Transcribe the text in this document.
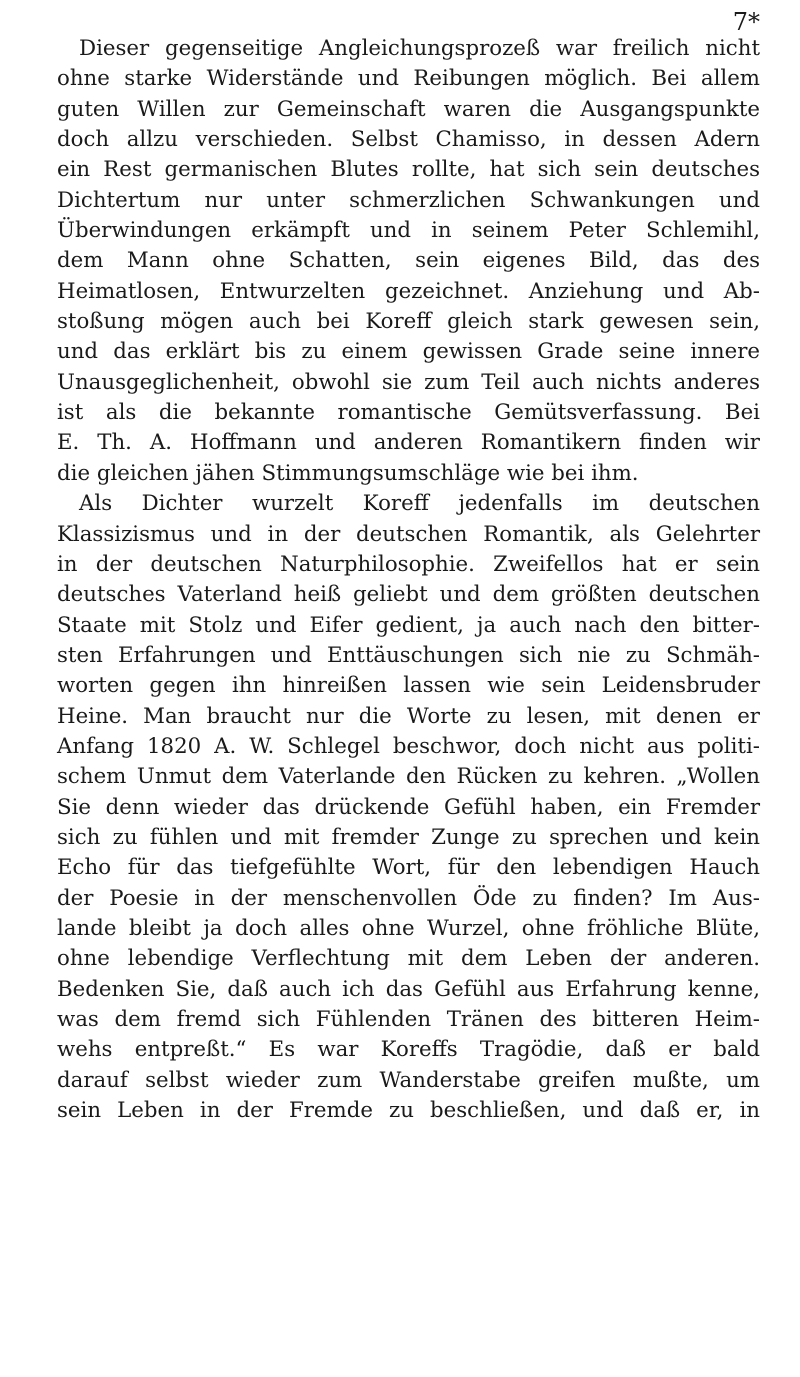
7*

Dieser gegenseitige Angleichungsprozeß war freilich nicht
ohne starke Widerstände und Reibungen möglich. Bei allem
guten Willen zur Gemeinschaft waren die Ausgangspunkte
doch allzu verschieden. Selbst Chamisso, in dessen Adern
ein Rest germanischen Blutes rollte, hat sich sein deutsches
Dichtertum nur unter schmerzlichen Schwankungen und
Überwindungen erkämpft und in seinem Peter Schlemihl,
dem Mann ohne Schatten, sein eigenes Bild, das des
Heimatlosen, Entwurzelten gezeichnet. Anziehung und Ab-
stoßung mögen auch bei Koreff gleich stark gewesen sein,
und das erklärt bis zu einem gewissen Grade seine innere
Unausgeglichenheit, obwohl sie zum Teil auch nichts anderes
ist als die bekannte romantische Gemütsverfassung. Bei
E. Th. A. Hoffmann und anderen Romantikern finden wir
die gleichen jähen Stimmungsumschläge wie bei ihm.

Als Dichter wurzelt Koreff jedenfalls im deutschen
Klassizismus und in der deutschen Romantik, als Gelehrter
in der deutschen Naturphilosophie. Zweifellos hat er sein
deutsches Vaterland heiß geliebt und dem größten deutschen
Staate mit Stolz und Eifer gedient, ja auch nach den bitter-
sten Erfahrungen und Enttäuschungen sich nie zu Schmäh-
worten gegen ihn hinreißen lassen wie sein Leidensbruder
Heine. Man braucht nur die Worte zu lesen, mit denen er
Anfang 1820 A. W. Schlegel beschwor, doch nicht aus politi-
schem Unmut dem Vaterlande den Rücken zu kehren. „Wollen
Sie denn wieder das drückende Gefühl haben, ein Fremder
sich zu fühlen und mit fremder Zunge zu sprechen und kein
Echo für das tiefgefühlte Wort, für den lebendigen Hauch
der Poesie in der menschenvollen Öde zu finden? Im Aus-
lande bleibt ja doch alles ohne Wurzel, ohne fröhliche Blüte,
ohne lebendige Verflechtung mit dem Leben der anderen.
Bedenken Sie, daß auch ich das Gefühl aus Erfahrung kenne,
was dem fremd sich Fühlenden Tränen des bitteren Heim-
wehs entpreßt.“ Es war Koreffs Tragödie, daß er bald
darauf selbst wieder zum Wanderstabe greifen mußte, um
sein Leben in der Fremde zu beschließen, und daß er, in
